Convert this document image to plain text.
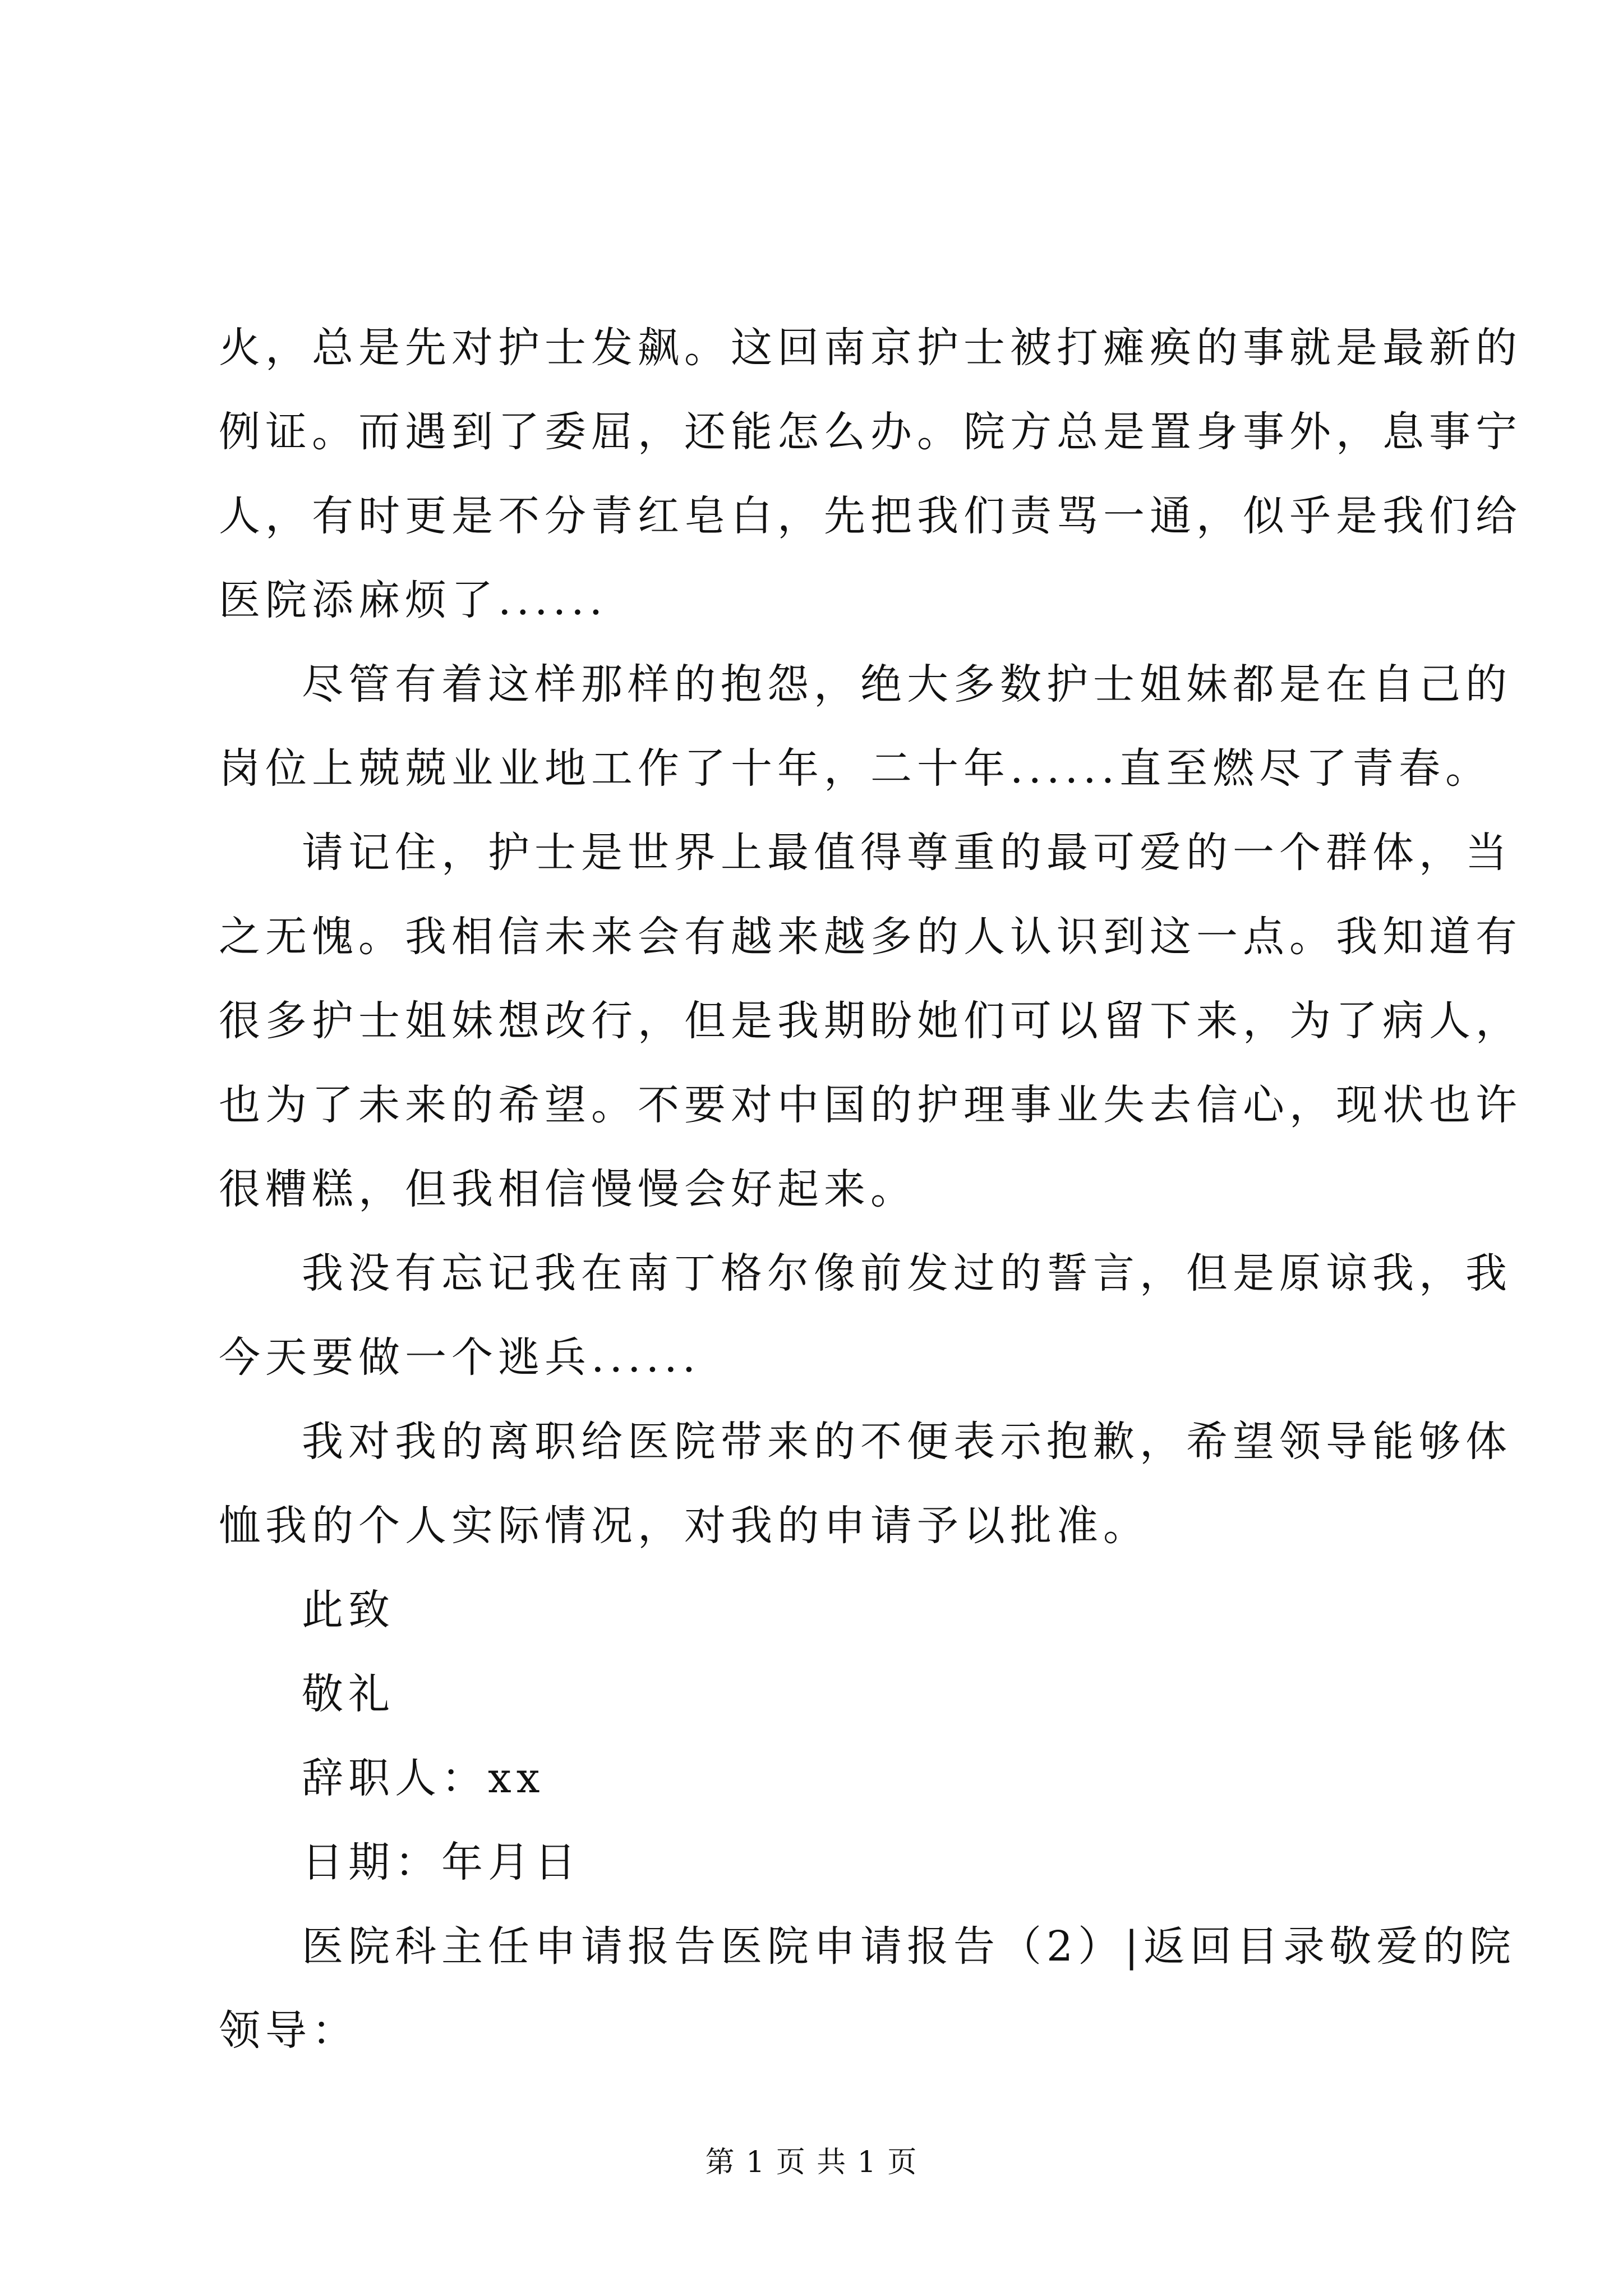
火，总是先对护士发飙。这回南京护士被打瘫痪的事就是最新的
例证。而遇到了委屈，还能怎么办。院方总是置身事外，息事宁
人，有时更是不分青红皂白，先把我们责骂一通，似乎是我们给
医院添麻烦了......
尽管有着这样那样的抱怨，绝大多数护士姐妹都是在自己的
岗位上兢兢业业地工作了十年，二十年......直至燃尽了青春。
请记住，护士是世界上最值得尊重的最可爱的一个群体，当
之无愧。我相信未来会有越来越多的人认识到这一点。我知道有
很多护士姐妹想改行，但是我期盼她们可以留下来，为了病人，
也为了未来的希望。不要对中国的护理事业失去信心，现状也许
很糟糕，但我相信慢慢会好起来。
我没有忘记我在南丁格尔像前发过的誓言，但是原谅我，我
今天要做一个逃兵......
我对我的离职给医院带来的不便表示抱歉，希望领导能够体
恤我的个人实际情况，对我的申请予以批准。
此致
敬礼
辞职人：xx
日期：年月日
医院科主任申请报告医院申请报告（2）|返回目录敬爱的院
领导：
第 1 页 共 1 页
